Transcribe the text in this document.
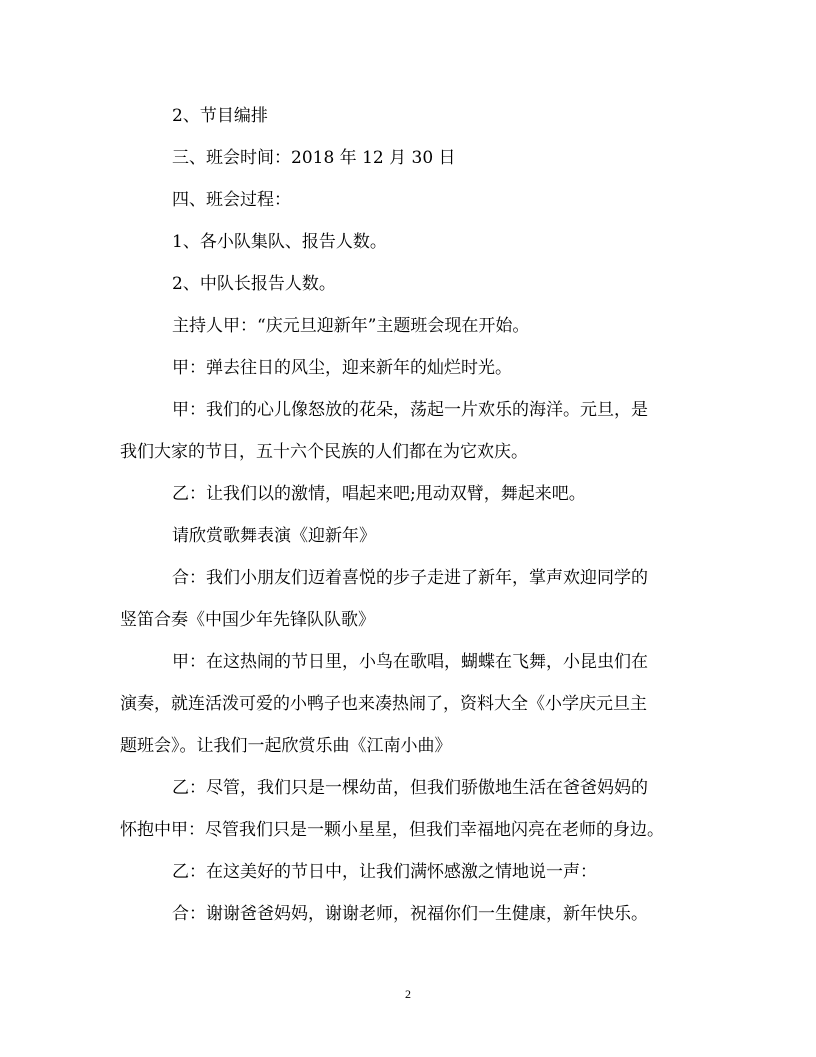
2、节目编排
三、班会时间：2018 年 12 月 30 日
四、班会过程：
1、各小队集队、报告人数。
2、中队长报告人数。
主持人甲：“庆元旦迎新年”主题班会现在开始。
甲：弹去往日的风尘，迎来新年的灿烂时光。
甲：我们的心儿像怒放的花朵，荡起一片欢乐的海洋。元旦，是
我们大家的节日，五十六个民族的人们都在为它欢庆。
乙：让我们以的激情，唱起来吧;甩动双臂，舞起来吧。
请欣赏歌舞表演《迎新年》
合：我们小朋友们迈着喜悦的步子走进了新年，掌声欢迎同学的
竖笛合奏《中国少年先锋队队歌》
甲：在这热闹的节日里，小鸟在歌唱，蝴蝶在飞舞，小昆虫们在
演奏，就连活泼可爱的小鸭子也来凑热闹了，资料大全《小学庆元旦主
题班会》。让我们一起欣赏乐曲《江南小曲》
乙：尽管，我们只是一棵幼苗，但我们骄傲地生活在爸爸妈妈的
怀抱中甲：尽管我们只是一颗小星星，但我们幸福地闪亮在老师的身边。
乙：在这美好的节日中，让我们满怀感激之情地说一声：
合：谢谢爸爸妈妈，谢谢老师，祝福你们一生健康，新年快乐。
2
